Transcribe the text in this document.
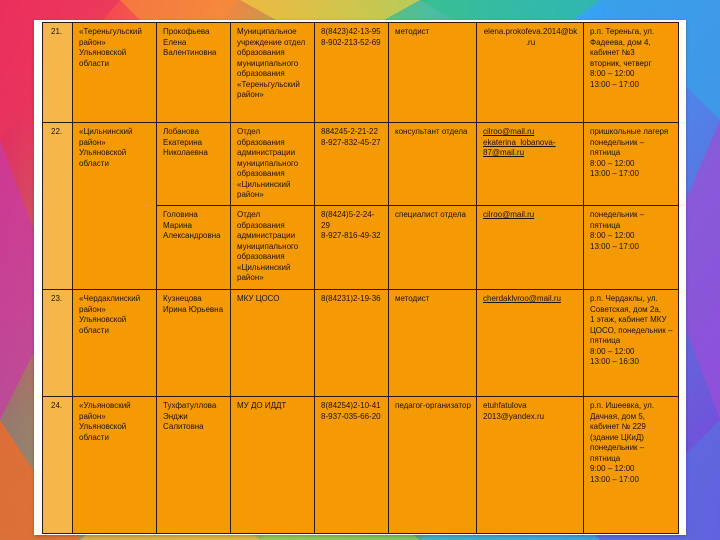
21.	«Тереньгульский район» Ульяновской области	Прокофьева Елена Валентиновна	Муниципальное учреждение отдел образования муниципального образования «Тереньгульский район»	8(8423)42-13-95
8-902-213-52-69	методист	elena.prokofeva.2014@bk.ru	р.п. Тереньга, ул. Фадеева, дом 4, кабинет №3
вторник, четверг
8:00 – 12:00
13:00 – 17:00
22.	«Цильнинский район» Ульяновской области	Лобанова Екатерина Николаевна	Отдел образования администрации муниципального образования «Цильнинский район»	884245-2-21-22
8-927-832-45-27	консультант отдела	cilroo@mail.ru
ekaterina_lobanova-87@mail.ru	пришкольные лагеря понедельник – пятница
8:00 – 12:00
13:00 – 17:00
		Головина Марина Александровна	Отдел образования администрации муниципального образования «Цильнинский район»	8(8424)5-2-24-29
8-927-816-49-32	специалист отдела	cilroo@mail.ru	понедельник – пятница
8:00 – 12:00
13:00 – 17:00
23.	«Чердаклинский район» Ульяновской области	Кузнецова Ирина Юрьевна	МКУ ЦОСО	8(84231)2-19-36	методист	cherdaklvroo@mail.ru	р.п. Чердаклы, ул. Советская, дом 2а,
1 этаж, кабинет МКУ ЦОСО, понедельник – пятница
8:00 – 12:00
13:00 – 16:30
24.	«Ульяновский район» Ульяновской области	Тухфатуллова Энджи Салитовна	МУ ДО ИДДТ	8(84254)2-10-41
8-937-035-66-20	педагог-организатор	etuhfatulova 2013@yandex.ru	р.п. Ишеевка, ул. Дачная, дом 5, кабинет № 229 (здание ЦКиД) понедельник – пятница
9:00 – 12:00
13:00 – 17:00
